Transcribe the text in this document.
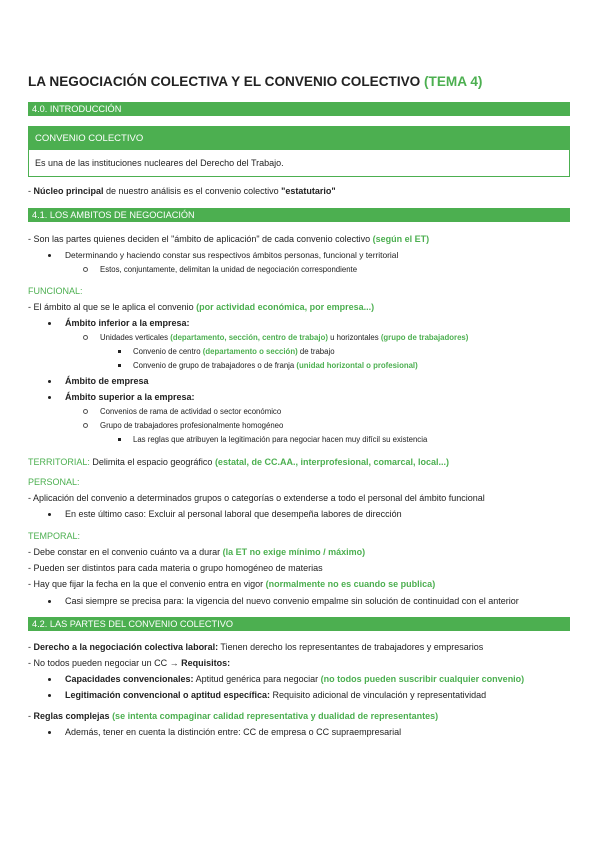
LA NEGOCIACIÓN COLECTIVA Y EL CONVENIO COLECTIVO (TEMA 4)
4.0. INTRODUCCIÓN
CONVENIO COLECTIVO
Es una de las instituciones nucleares del Derecho del Trabajo.
- Núcleo principal de nuestro análisis es el convenio colectivo "estatutario"
4.1. LOS AMBITOS DE NEGOCIACIÓN
- Son las partes quienes deciden el "ámbito de aplicación" de cada convenio colectivo (según el ET)
Determinando y haciendo constar sus respectivos ámbitos personas, funcional y territorial
Estos, conjuntamente, delimitan la unidad de negociación correspondiente
FUNCIONAL:
- El ámbito al que se le aplica el convenio (por actividad económica, por empresa...)
Ámbito inferior a la empresa:
Unidades verticales (departamento, sección, centro de trabajo) u horizontales (grupo de trabajadores)
Convenio de centro (departamento o sección) de trabajo
Convenio de grupo de trabajadores o de franja (unidad horizontal o profesional)
Ámbito de empresa
Ámbito superior a la empresa:
Convenios de rama de actividad o sector económico
Grupo de trabajadores profesionalmente homogéneo
Las reglas que atribuyen la legitimación para negociar hacen muy difícil su existencia
TERRITORIAL: Delimita el espacio geográfico (estatal, de CC.AA., interprofesional, comarcal, local...)
PERSONAL:
- Aplicación del convenio a determinados grupos o categorías o extenderse a todo el personal del ámbito funcional
En este último caso: Excluir al personal laboral que desempeña labores de dirección
TEMPORAL:
- Debe constar en el convenio cuánto va a durar (la ET no exige mínimo / máximo)
- Pueden ser distintos para cada materia o grupo homogéneo de materias
- Hay que fijar la fecha en la que el convenio entra en vigor (normalmente no es cuando se publica)
Casi siempre se precisa para: la vigencia del nuevo convenio empalme sin solución de continuidad con el anterior
4.2. LAS PARTES DEL CONVENIO COLECTIVO
- Derecho a la negociación colectiva laboral: Tienen derecho los representantes de trabajadores y empresarios
- No todos pueden negociar un CC → Requisitos:
Capacidades convencionales: Aptitud genérica para negociar (no todos pueden suscribir cualquier convenio)
Legitimación convencional o aptitud específica: Requisito adicional de vinculación y representatividad
- Reglas complejas (se intenta compaginar calidad representativa y dualidad de representantes)
Además, tener en cuenta la distinción entre: CC de empresa o CC supraempresarial
